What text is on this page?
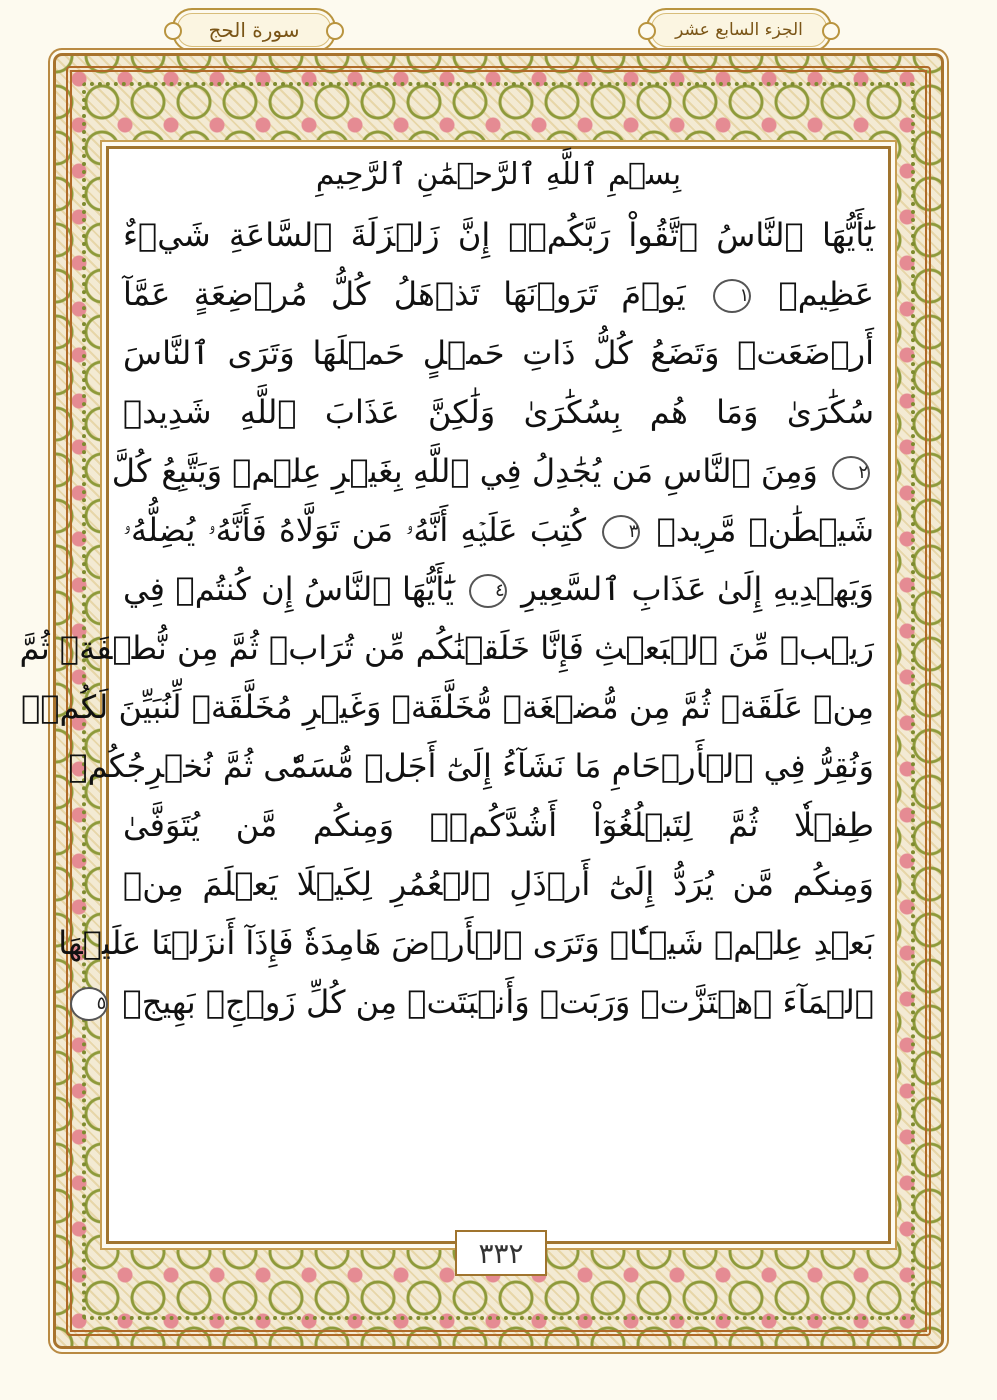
سورة الحج	الجزء السابع عشر
بِسۡمِ ٱللَّهِ ٱلرَّحۡمَٰنِ ٱلرَّحِيمِ
يَٰٓأَيُّهَا ٱلنَّاسُ ٱتَّقُواْ رَبَّكُمۡۚ إِنَّ زَلۡزَلَةَ ٱلسَّاعَةِ شَيۡءٌ
عَظِيمٞ ١ يَوۡمَ تَرَوۡنَهَا تَذۡهَلُ كُلُّ مُرۡضِعَةٍ عَمَّآ
أَرۡضَعَتۡ وَتَضَعُ كُلُّ ذَاتِ حَمۡلٍ حَمۡلَهَا وَتَرَى ٱلنَّاسَ
سُكَٰرَىٰ وَمَا هُم بِسُكَٰرَىٰ وَلَٰكِنَّ عَذَابَ ٱللَّهِ شَدِيدٞ
٢ وَمِنَ ٱلنَّاسِ مَن يُجَٰدِلُ فِي ٱللَّهِ بِغَيۡرِ عِلۡمٖ وَيَتَّبِعُ كُلَّ
شَيۡطَٰنٖ مَّرِيدٖ ٣ كُتِبَ عَلَيۡهِ أَنَّهُۥ مَن تَوَلَّاهُ فَأَنَّهُۥ يُضِلُّهُۥ
وَيَهۡدِيهِ إِلَىٰ عَذَابِ ٱلسَّعِيرِ ٤ يَٰٓأَيُّهَا ٱلنَّاسُ إِن كُنتُمۡ فِي
رَيۡبٖ مِّنَ ٱلۡبَعۡثِ فَإِنَّا خَلَقۡنَٰكُم مِّن تُرَابٖ ثُمَّ مِن نُّطۡفَةٖ ثُمَّ
مِنۡ عَلَقَةٖ ثُمَّ مِن مُّضۡغَةٖ مُّخَلَّقَةٖ وَغَيۡرِ مُخَلَّقَةٖ لِّنُبَيِّنَ لَكُمۡۚ
وَنُقِرُّ فِي ٱلۡأَرۡحَامِ مَا نَشَآءُ إِلَىٰٓ أَجَلٖ مُّسَمّٗى ثُمَّ نُخۡرِجُكُمۡ
طِفۡلٗا ثُمَّ لِتَبۡلُغُوٓاْ أَشُدَّكُمۡۖ وَمِنكُم مَّن يُتَوَفَّىٰ
وَمِنكُم مَّن يُرَدُّ إِلَىٰٓ أَرۡذَلِ ٱلۡعُمُرِ لِكَيۡلَا يَعۡلَمَ مِنۢ
بَعۡدِ عِلۡمٖ شَيۡـٔٗاۚ وَتَرَى ٱلۡأَرۡضَ هَامِدَةٗ فَإِذَآ أَنزَلۡنَا عَلَيۡهَا
ٱلۡمَآءَ ٱهۡتَزَّتۡ وَرَبَتۡ وَأَنۢبَتَتۡ مِن كُلِّ زَوۡجِۭ بَهِيجٖ ٥
٣٣٢
